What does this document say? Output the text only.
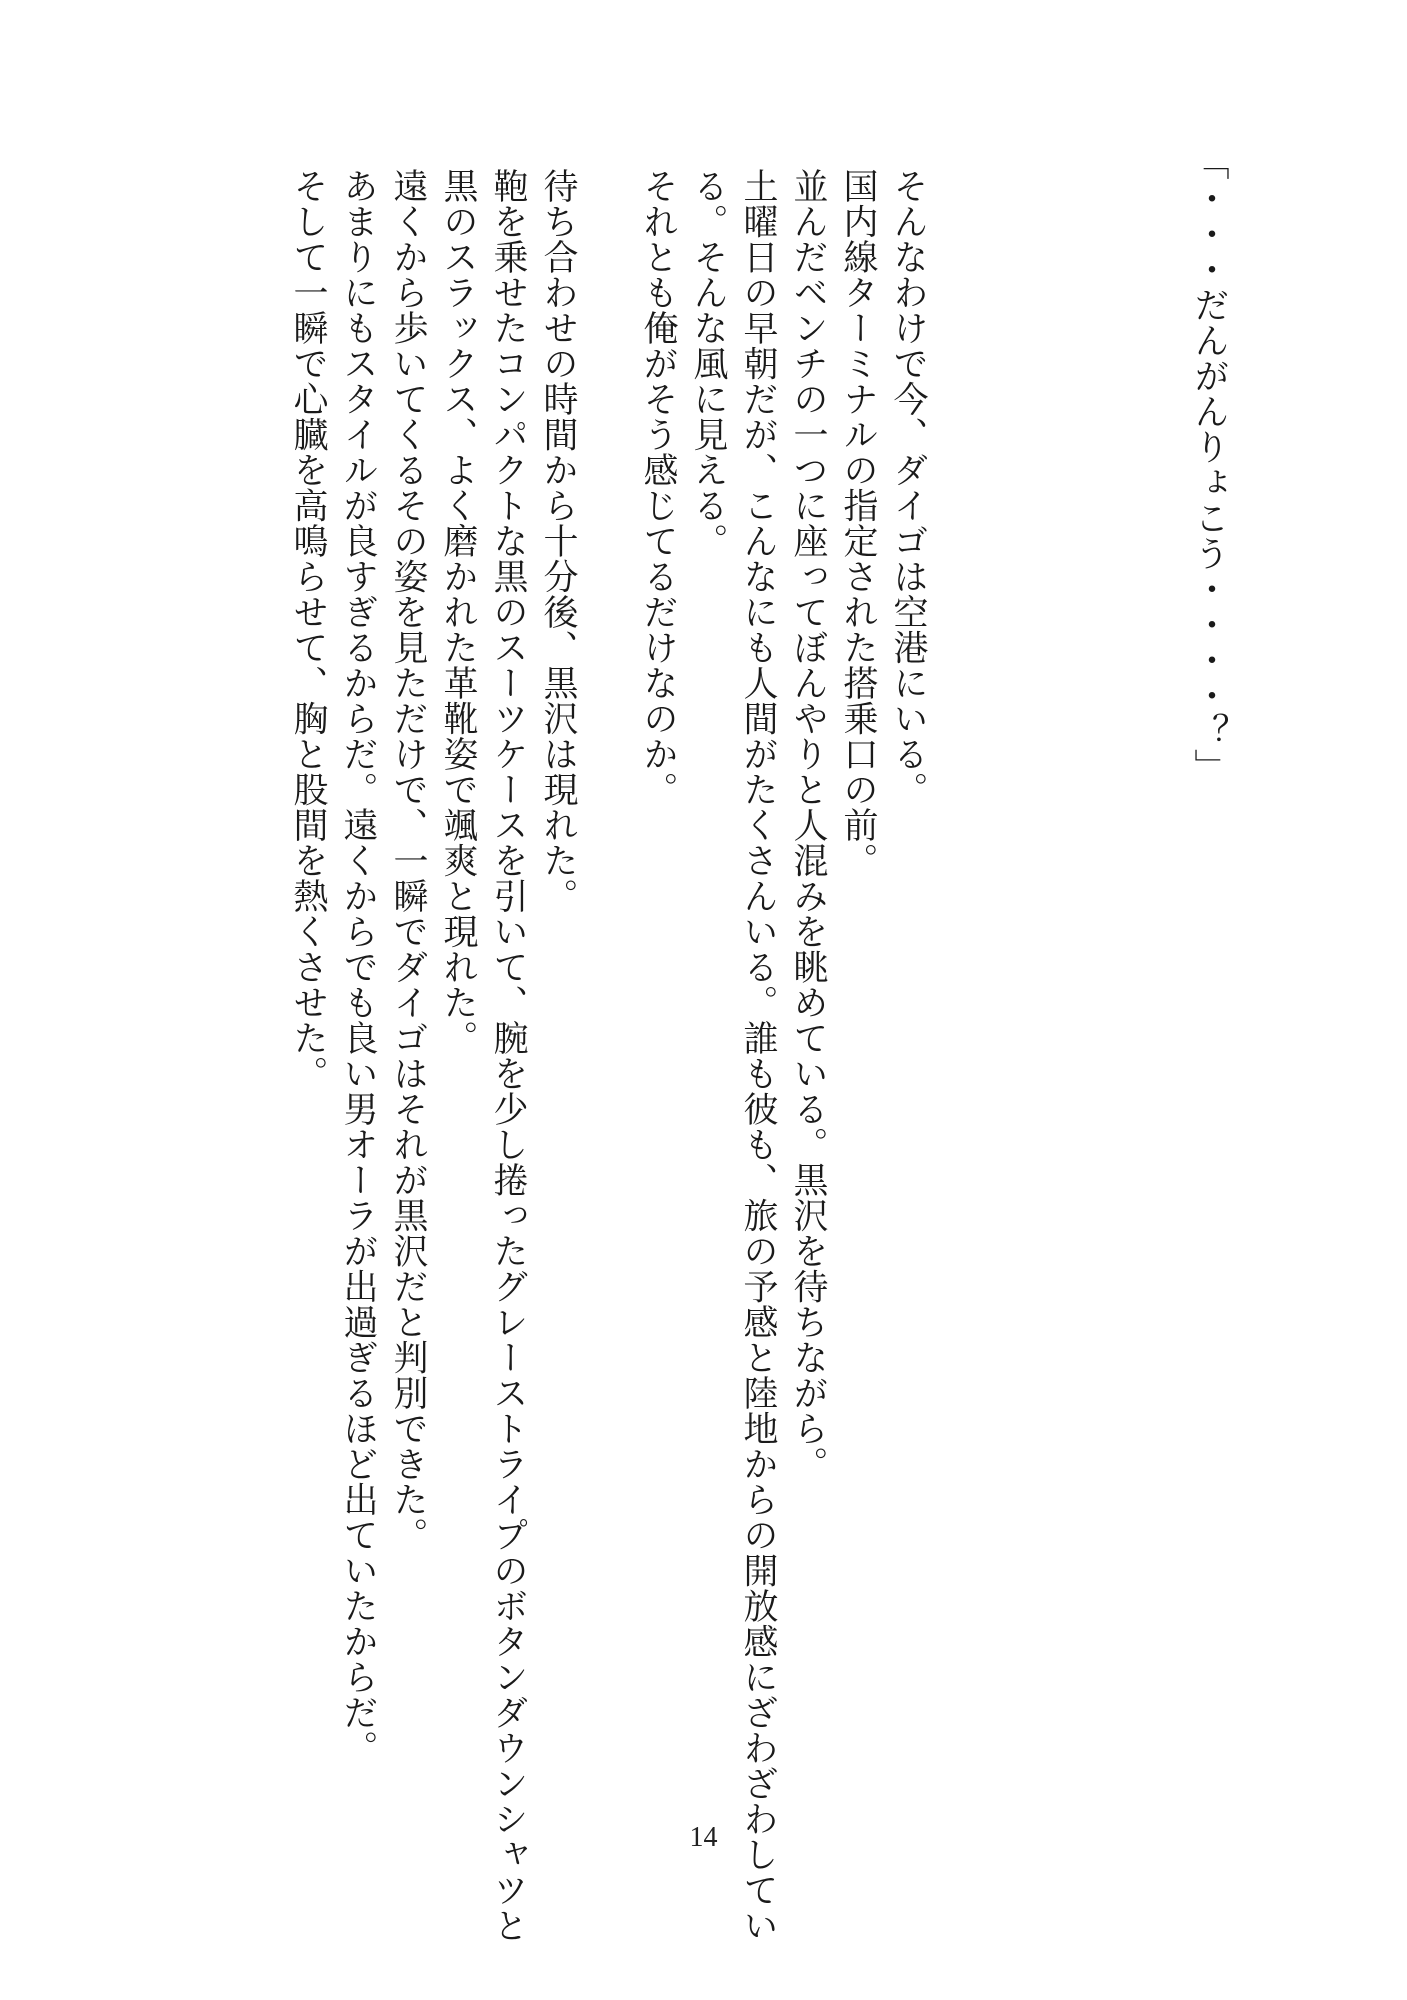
「・・・だんがんりょこう・・・・？」
そんなわけで今、ダイゴは空港にいる。
国内線ターミナルの指定された搭乗口の前。
並んだベンチの一つに座ってぼんやりと人混みを眺めている。黒沢を待ちながら。
土曜日の早朝だが、こんなにも人間がたくさんいる。誰も彼も、旅の予感と陸地からの開放感にざわざわしてい
る。そんな風に見える。
それとも俺がそう感じてるだけなのか。
待ち合わせの時間から十分後、黒沢は現れた。
鞄を乗せたコンパクトな黒のスーツケースを引いて、腕を少し捲ったグレーストライプのボタンダウンシャツと
黒のスラックス、よく磨かれた革靴姿で颯爽と現れた。
遠くから歩いてくるその姿を見ただけで、一瞬でダイゴはそれが黒沢だと判別できた。
あまりにもスタイルが良すぎるからだ。遠くからでも良い男オーラが出過ぎるほど出ていたからだ。
そして一瞬で心臓を高鳴らせて、胸と股間を熱くさせた。
14
